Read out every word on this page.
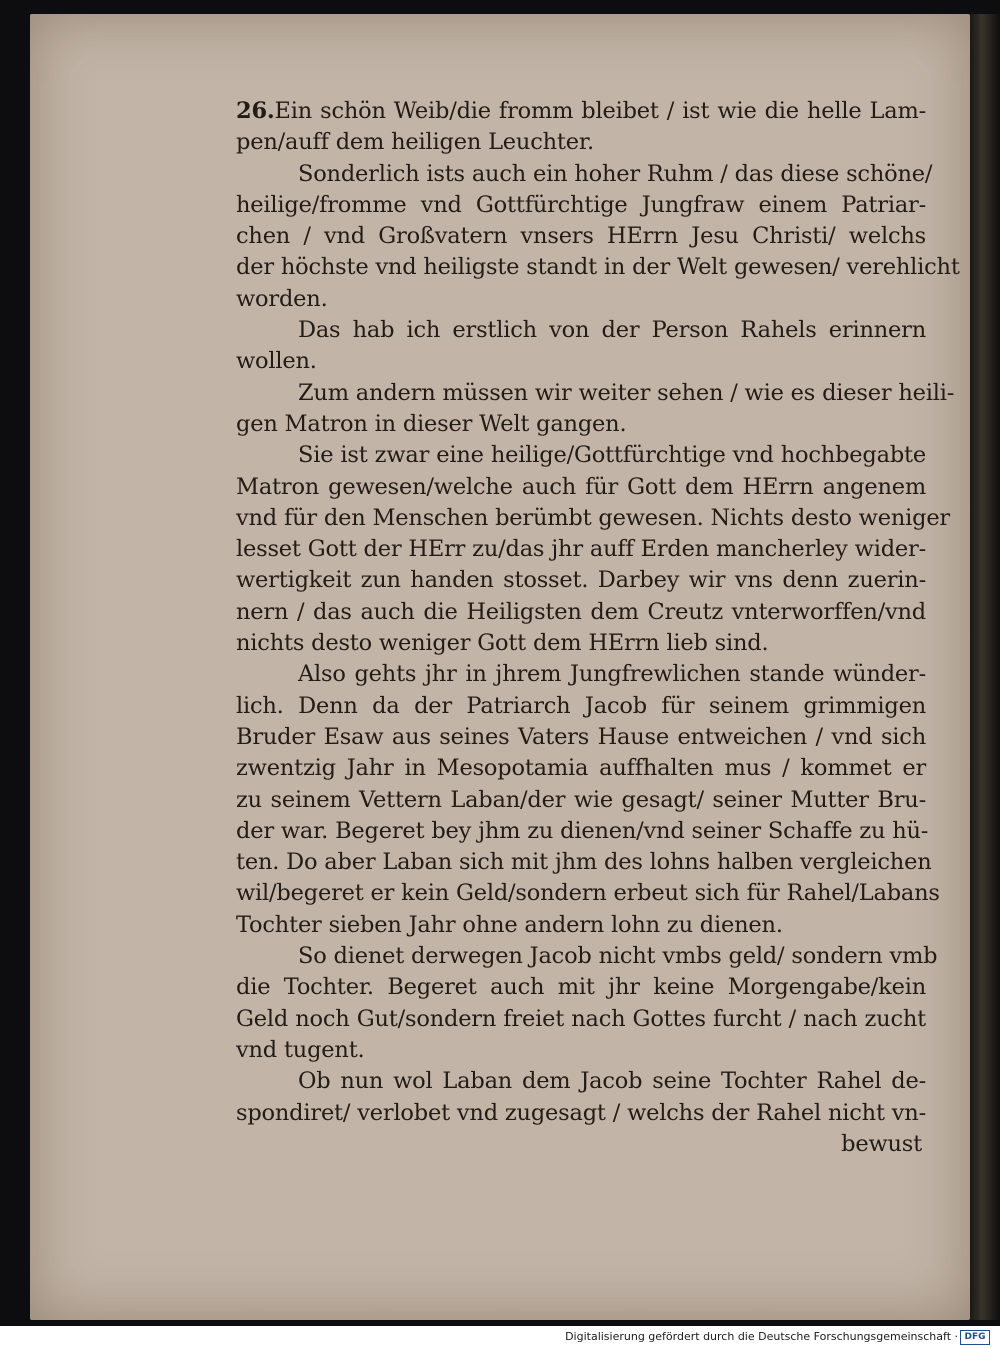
26.Ein schön Weib/die fromm bleibet / ist wie die helle Lam-
pen/auff dem heiligen Leuchter.
Sonderlich ists auch ein hoher Ruhm / das diese schöne/
heilige/fromme vnd Gottfürchtige Jungfraw einem Patriar-
chen / vnd Großvatern vnsers HErrn Jesu Christi/ welchs
der höchste vnd heiligste standt in der Welt gewesen/ verehlicht
worden.
Das hab ich erstlich von der Person Rahels erinnern
wollen.
Zum andern müssen wir weiter sehen / wie es dieser heili-
gen Matron in dieser Welt gangen.
Sie ist zwar eine heilige/Gottfürchtige vnd hochbegabte
Matron gewesen/welche auch für Gott dem HErrn angenem
vnd für den Menschen berümbt gewesen. Nichts desto weniger
lesset Gott der HErr zu/das jhr auff Erden mancherley wider-
wertigkeit zun handen stosset. Darbey wir vns denn zuerin-
nern / das auch die Heiligsten dem Creutz vnterworffen/vnd
nichts desto weniger Gott dem HErrn lieb sind.
Also gehts jhr in jhrem Jungfrewlichen stande wünder-
lich. Denn da der Patriarch Jacob für seinem grimmigen
Bruder Esaw aus seines Vaters Hause entweichen / vnd sich
zwentzig Jahr in Mesopotamia auffhalten mus / kommet er
zu seinem Vettern Laban/der wie gesagt/ seiner Mutter Bru-
der war. Begeret bey jhm zu dienen/vnd seiner Schaffe zu hü-
ten. Do aber Laban sich mit jhm des lohns halben vergleichen
wil/begeret er kein Geld/sondern erbeut sich für Rahel/Labans
Tochter sieben Jahr ohne andern lohn zu dienen.
So dienet derwegen Jacob nicht vmbs geld/ sondern vmb
die Tochter. Begeret auch mit jhr keine Morgengabe/kein
Geld noch Gut/sondern freiet nach Gottes furcht / nach zucht
vnd tugent.
Ob nun wol Laban dem Jacob seine Tochter Rahel de-
spondiret/ verlobet vnd zugesagt / welchs der Rahel nicht vn-
bewust
Digitalisierung gefördert durch die Deutsche Forschungsgemeinschaft · DFG
